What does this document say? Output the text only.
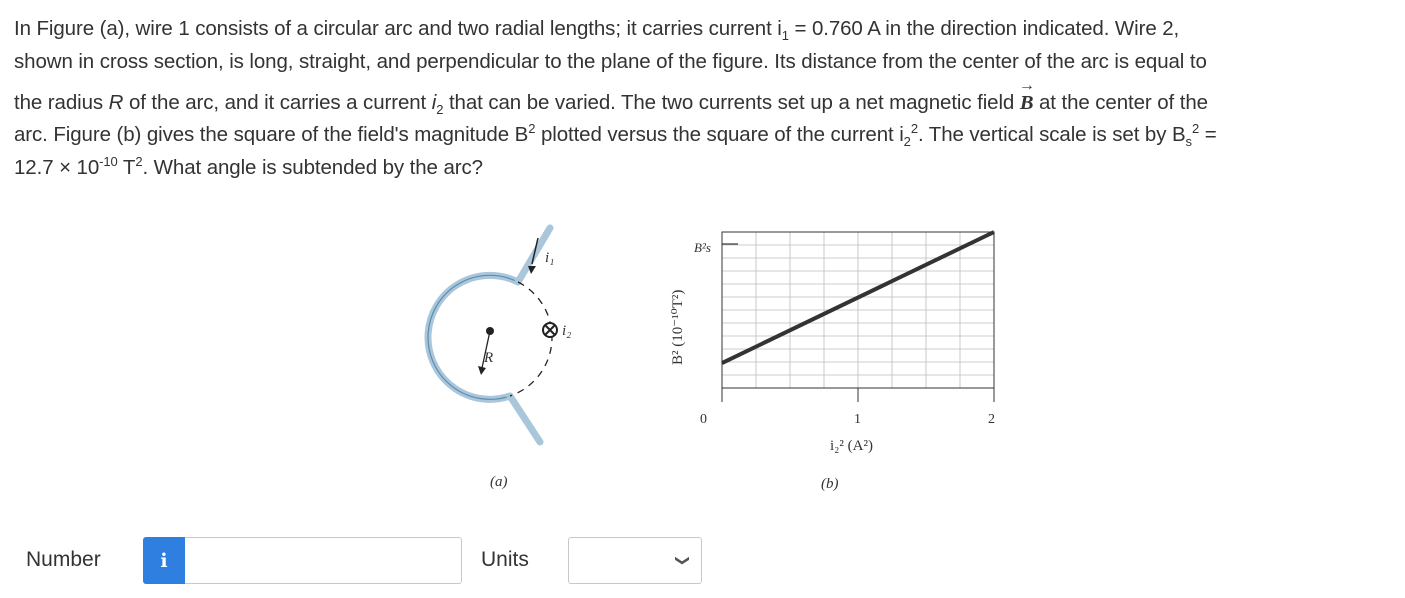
In Figure (a), wire 1 consists of a circular arc and two radial lengths; it carries current $i_1 = 0.760$ A in the direction indicated. Wire 2,
shown in cross section, is long, straight, and perpendicular to the plane of the figure. Its distance from the center of the arc is equal to
the radius R of the arc, and it carries a current $i_2$ that can be varied. The two currents set up a net magnetic field
→
B at the center of the
arc. Figure (b) gives the square of the field's magnitude $B^2$ plotted versus the square of the current $i_2^2$. The vertical scale is set by $B_s^2$ =
$12.7 \times 10^{-10}$ $T^2$. What angle is subtended by the arc?
i₁
R
i₂
(a)
B²s
0	1	2
i₂² (A²)
B² (10⁻¹⁰T²)
(b)
Number	i	Units	❯
